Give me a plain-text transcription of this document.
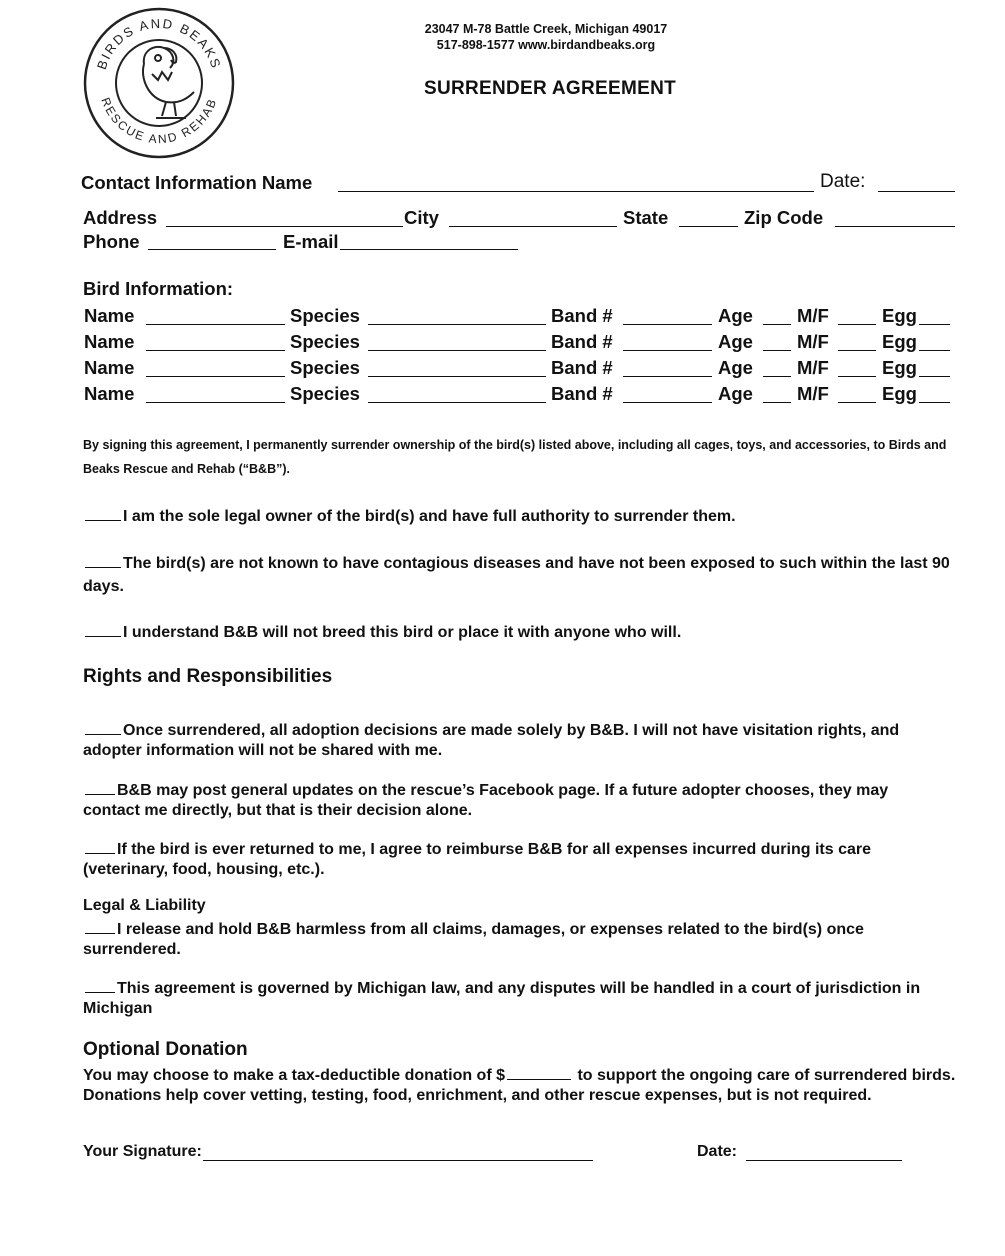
BIRDS AND BEAKS
RESCUE AND REHAB
23047 M-78 Battle Creek, Michigan 49017
517-898-1577 www.birdandbeaks.org
SURRENDER AGREEMENT
Contact Information Name	Date:
Address	City	State	Zip Code
Phone	E-mail
Bird Information:
Name	Species	Band #	Age M/F	Egg
Name	Species	Band #	Age M/F	Egg
Name	Species	Band #	Age M/F	Egg
Name	Species	Band #	Age M/F	Egg
By signing this agreement, I permanently surrender ownership of the bird(s) listed above, including all cages, toys, and accessories, to Birds and Beaks Rescue and Rehab (“B&B”).
I am the sole legal owner of the bird(s) and have full authority to surrender them.
The bird(s) are not known to have contagious diseases and have not been exposed to such within the last 90 days.
I understand B&B will not breed this bird or place it with anyone who will.
Rights and Responsibilities
Once surrendered, all adoption decisions are made solely by B&B. I will not have visitation rights, and adopter information will not be shared with me.
B&B may post general updates on the rescue’s Facebook page. If a future adopter chooses, they may contact me directly, but that is their decision alone.
If the bird is ever returned to me, I agree to reimburse B&B for all expenses incurred during its care (veterinary, food, housing, etc.).
Legal & Liability
I release and hold B&B harmless from all claims, damages, or expenses related to the bird(s) once surrendered.
This agreement is governed by Michigan law, and any disputes will be handled in a court of jurisdiction in Michigan
Optional Donation
You may choose to make a tax-deductible donation of $	to support the ongoing care of surrendered birds. Donations help cover vetting, testing, food, enrichment, and other rescue expenses, but is not required.
Your Signature:	Date:
